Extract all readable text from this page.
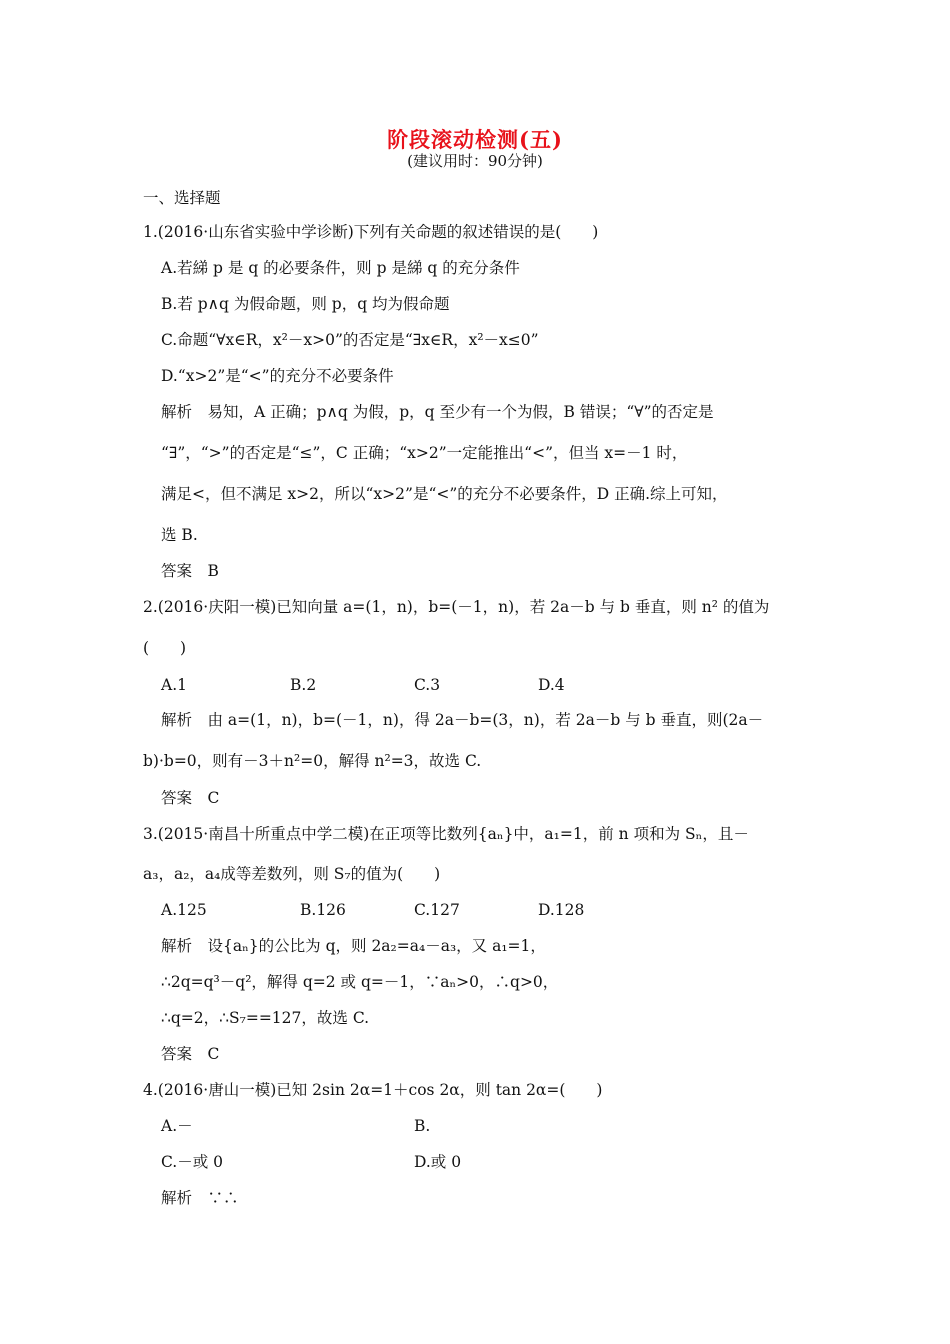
阶段滚动检测(五)
(建议用时：90分钟)
一、选择题
1.(2016·山东省实验中学诊断)下列有关命题的叙述错误的是(　　)
A.若綈 p 是 q 的必要条件，则 p 是綈 q 的充分条件
B.若 p∧q 为假命题，则 p，q 均为假命题
C.命题“∀x∈R，x²－x>0”的否定是“∃x∈R，x²－x≤0”
D.“x>2”是“<”的充分不必要条件
解析　易知，A 正确；p∧q 为假，p，q 至少有一个为假，B 错误；“∀”的否定是
“∃”，“>”的否定是“≤”，C 正确；“x>2”一定能推出“<”，但当 x=－1 时，
满足<，但不满足 x>2，所以“x>2”是“<”的充分不必要条件，D 正确.综上可知，
选 B.
答案　B
2.(2016·庆阳一模)已知向量 a=(1，n)，b=(－1，n)，若 2a－b 与 b 垂直，则 n² 的值为
(　　)
A.1	B.2	C.3	D.4
解析　由 a=(1，n)，b=(－1，n)，得 2a－b=(3，n)，若 2a－b 与 b 垂直，则(2a－
b)·b=0，则有－3＋n²=0，解得 n²=3，故选 C.
答案　C
3.(2015·南昌十所重点中学二模)在正项等比数列{aₙ}中，a₁=1，前 n 项和为 Sₙ，且－
a₃，a₂，a₄成等差数列，则 S₇的值为(　　)
A.125	B.126	C.127	D.128
解析　设{aₙ}的公比为 q，则 2a₂=a₄－a₃，又 a₁=1，
∴2q=q³－q²，解得 q=2 或 q=－1，∵aₙ>0，∴q>0，
∴q=2，∴S₇==127，故选 C.
答案　C
4.(2016·唐山一模)已知 2sin 2α=1＋cos 2α，则 tan 2α=(　　)
A.－	B.
C.－或 0	D.或 0
解析　∵∴
